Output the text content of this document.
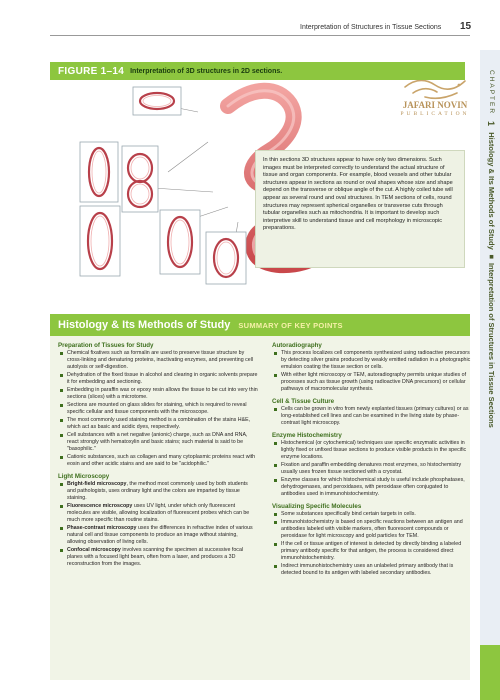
Interpretation of Structures in Tissue Sections 15
JAFARI NOVIN
PUBLICATION
FIGURE 1–14 Interpretation of 3D structures in 2D sections.
In thin sections 3D structures appear to have only two dimensions. Such images must be interpreted correctly to understand the actual structure of tissue and organ components. For example, blood vessels and other tubular structures appear in sections as round or oval shapes whose size and shape depend on the transverse or oblique angle of the cut. A highly coiled tube will appear as several round and oval structures. In TEM sections of cells, round structures may represent spherical organelles or transverse cuts through tubular organelles such as mitochondria. It is important to develop such interpretive skill to understand tissue and cell morphology in microscopic preparations.
CHAPTER 1 Histology & Its Methods of Study ■ Interpretation of Structures in Tissue Sections
Histology & Its Methods of Study SUMMARY OF KEY POINTS
Preparation of Tissues for Study
Chemical fixatives such as formalin are used to preserve tissue structure by cross-linking and denaturing proteins, inactivating enzymes, and preventing cell autolysis or self-digestion.
Dehydration of the fixed tissue in alcohol and clearing in organic solvents prepare it for embedding and sectioning.
Embedding in paraffin wax or epoxy resin allows the tissue to be cut into very thin sections (slices) with a microtome.
Sections are mounted on glass slides for staining, which is required to reveal specific cellular and tissue components with the microscope.
The most commonly used staining method is a combination of the stains H&E, which act as basic and acidic dyes, respectively.
Cell substances with a net negative (anionic) charge, such as DNA and RNA, react strongly with hematoxylin and basic stains; such material is said to be "basophilic."
Cationic substances, such as collagen and many cytoplasmic proteins react with eosin and other acidic stains and are said to be "acidophilic."
Light Microscopy
Bright-field microscopy, the method most commonly used by both students and pathologists, uses ordinary light and the colors are imparted by tissue staining.
Fluorescence microscopy uses UV light, under which only fluorescent molecules are visible, allowing localization of fluorescent probes which can be much more specific than routine stains.
Phase-contrast microscopy uses the differences in refractive index of various natural cell and tissue components to produce an image without staining, allowing observation of living cells.
Confocal microscopy involves scanning the specimen at successive focal planes with a focused light beam, often from a laser, and produces a 3D reconstruction from the images.
Autoradiography
This process localizes cell components synthesized using radioactive precursors by detecting silver grains produced by weakly emitted radiation in a photographic emulsion coating the tissue section or cells.
With either light microscopy or TEM, autoradiography permits unique studies of processes such as tissue growth (using radioactive DNA precursors) or cellular pathways of macromolecular synthesis.
Cell & Tissue Culture
Cells can be grown in vitro from newly explanted tissues (primary cultures) or as long-established cell lines and can be examined in the living state by phase-contrast light microscopy.
Enzyme Histochemistry
Histochemical (or cytochemical) techniques use specific enzymatic activities in lightly fixed or unfixed tissue sections to produce visible products in the specific enzyme locations.
Fixation and paraffin embedding denatures most enzymes, so histochemistry usually uses frozen tissue sectioned with a cryostat.
Enzyme classes for which histochemical study is useful include phosphatases, dehydrogenases, and peroxidases, with peroxidase often conjugated to antibodies used in immunohistochemistry.
Visualizing Specific Molecules
Some substances specifically bind certain targets in cells.
Immunohistochemistry is based on specific reactions between an antigen and antibodies labeled with visible markers, often fluorescent compounds or peroxidase for light microscopy and gold particles for TEM.
If the cell or tissue antigen of interest is detected by directly binding a labeled primary antibody specific for that antigen, the process is considered direct immunohistochemistry.
Indirect immunohistochemistry uses an unlabeled primary antibody that is detected bound to its antigen with labeled secondary antibodies.
